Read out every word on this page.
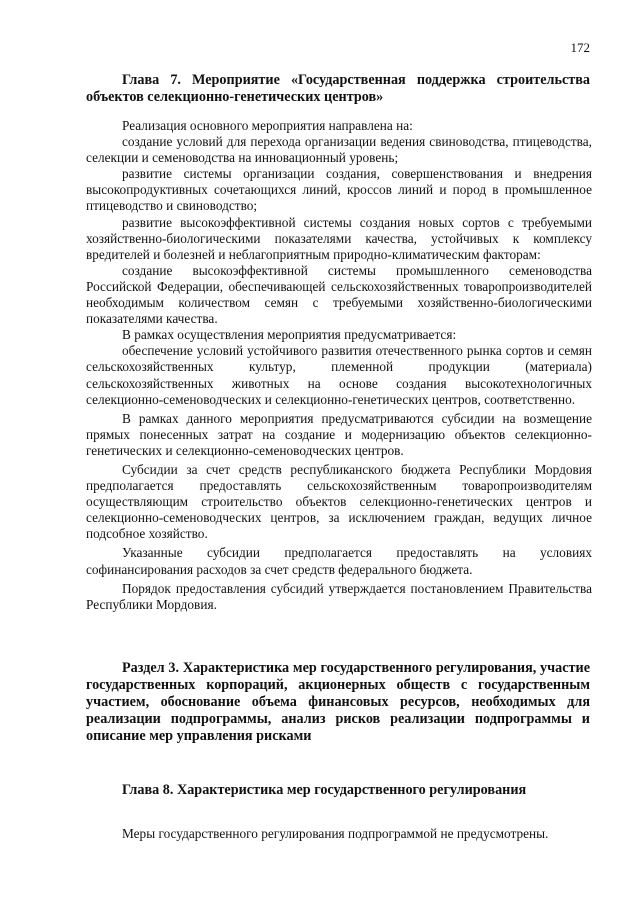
172
Глава 7. Мероприятие «Государственная поддержка строительства объектов селекционно-генетических центров»

Реализация основного мероприятия направлена на:

создание условий для перехода организации ведения свиноводства, птицеводства, селекции и семеноводства на инновационный уровень;

развитие системы организации создания, совершенствования и внедрения высокопродуктивных сочетающихся линий, кроссов линий и пород в промышленное птицеводство и свиноводство;

развитие высокоэффективной системы создания новых сортов с требуемыми хозяйственно-биологическими показателями качества, устойчивых к комплексу вредителей и болезней и неблагоприятным природно-климатическим факторам:

создание высокоэффективной системы промышленного семеноводства Российской Федерации, обеспечивающей сельскохозяйственных товаропроизводителей необходимым количеством семян с требуемыми хозяйственно-биологическими показателями качества.

В рамках осуществления мероприятия предусматривается:

обеспечение условий устойчивого развития отечественного рынка сортов и семян сельскохозяйственных культур, племенной продукции (материала) сельскохозяйственных животных на основе создания высокотехнологичных селекционно-семеноводческих и селекционно-генетических центров, соответственно.

В рамках данного мероприятия предусматриваются субсидии на возмещение прямых понесенных затрат на создание и модернизацию объектов селекционно-генетических и селекционно-семеноводческих центров.

Субсидии за счет средств республиканского бюджета Республики Мордовия предполагается предоставлять сельскохозяйственным товаропроизводителям осуществляющим строительство объектов селекционно-генетических центров и селекционно-семеноводческих центров, за исключением граждан, ведущих личное подсобное хозяйство.

Указанные субсидии предполагается предоставлять на условиях софинансирования расходов за счет средств федерального бюджета.

Порядок предоставления субсидий утверждается постановлением Правительства Республики Мордовия.

Раздел 3. Характеристика мер государственного регулирования, участие государственных корпораций, акционерных обществ с государственным участием, обоснование объема финансовых ресурсов, необходимых для реализации подпрограммы, анализ рисков реализации подпрограммы и описание мер управления рисками
Глава 8. Характеристика мер государственного регулирования
Меры государственного регулирования подпрограммой не предусмотрены.
